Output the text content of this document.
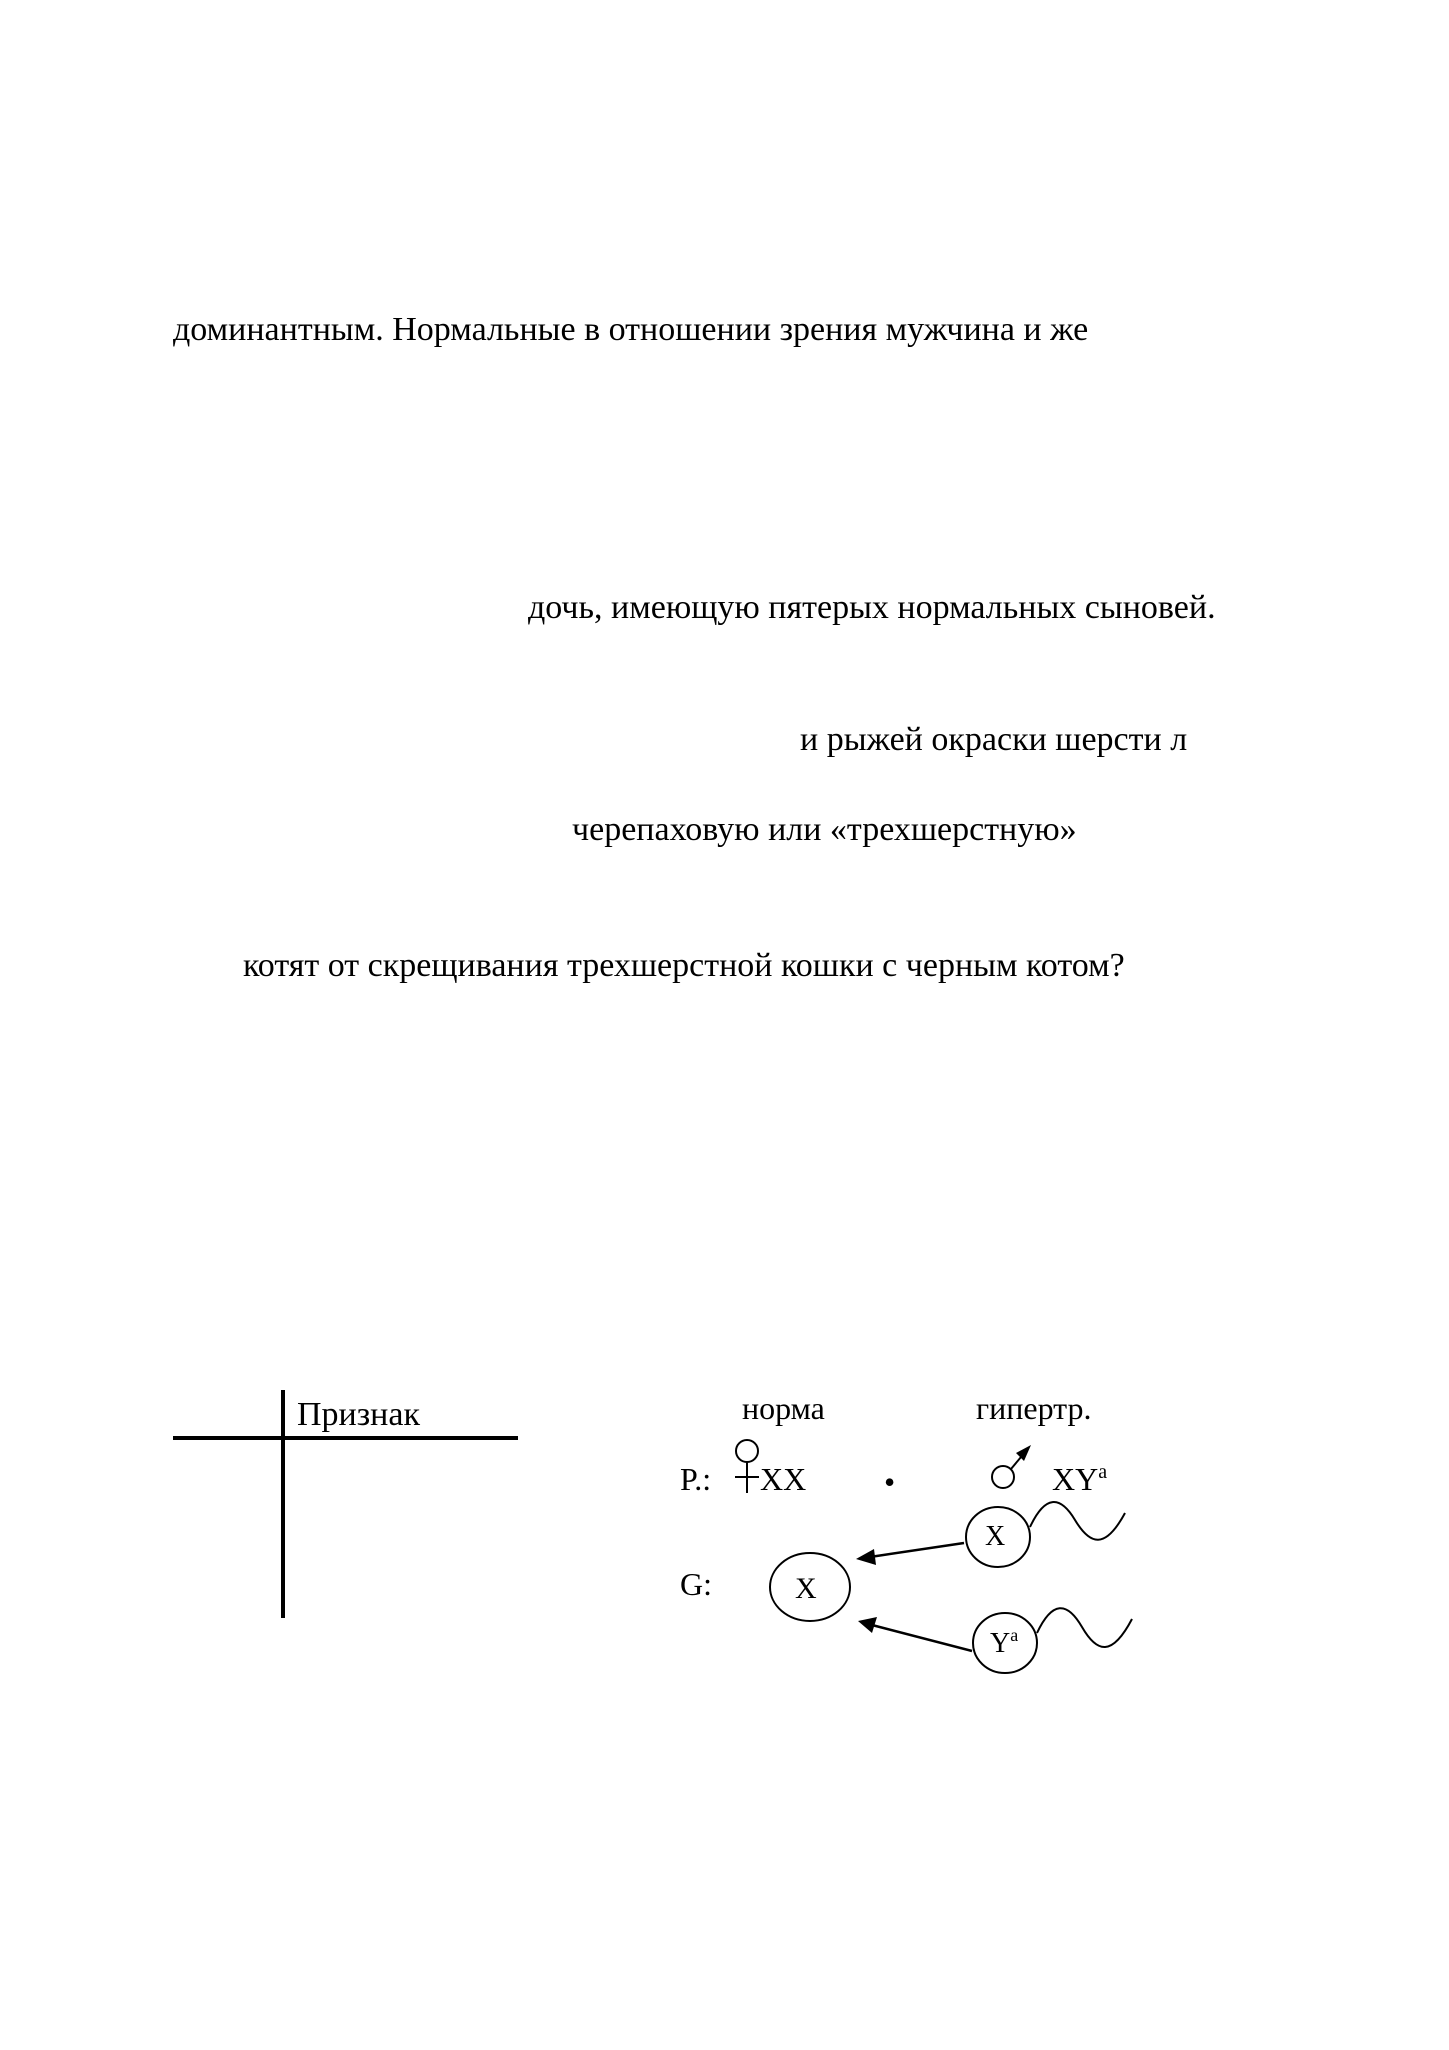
доминантным. Нормальные в отношении зрения мужчина и же
дочь, имеющую пятерых нормальных сыновей.
и рыжей окраски шерсти л
черепаховую или «трехшерстную»
котят от скрещивания трехшерстной кошки с черным котом?
Признак	норма	гипертр.
P.: XX •	$XY^a$
G:	X
X
$Y^a$
